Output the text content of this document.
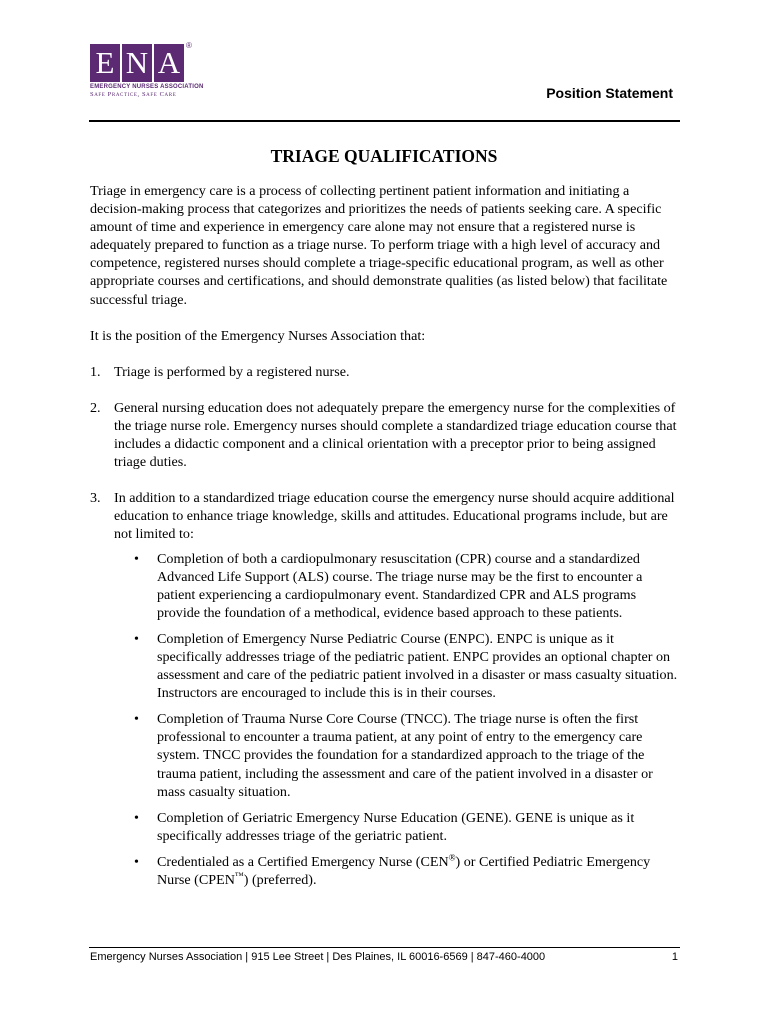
E N A ®
EMERGENCY NURSES ASSOCIATION
Safe Practice, Safe Care	Position Statement
TRIAGE QUALIFICATIONS

Triage in emergency care is a process of collecting pertinent patient information and initiating a decision-making process that categorizes and prioritizes the needs of patients seeking care. A specific amount of time and experience in emergency care alone may not ensure that a registered nurse is adequately prepared to function as a triage nurse. To perform triage with a high level of accuracy and competence, registered nurses should complete a triage-specific educational program, as well as other appropriate courses and certifications, and should demonstrate qualities (as listed below) that facilitate successful triage.

It is the position of the Emergency Nurses Association that:

1. Triage is performed by a registered nurse.
2. General nursing education does not adequately prepare the emergency nurse for the complexities of the triage nurse role. Emergency nurses should complete a standardized triage education course that includes a didactic component and a clinical orientation with a preceptor prior to being assigned triage duties.
3. In addition to a standardized triage education course the emergency nurse should acquire additional education to enhance triage knowledge, skills and attitudes. Educational programs include, but are not limited to:
• Completion of both a cardiopulmonary resuscitation (CPR) course and a standardized Advanced Life Support (ALS) course. The triage nurse may be the first to encounter a patient experiencing a cardiopulmonary event. Standardized CPR and ALS programs provide the foundation of a methodical, evidence based approach to these patients.
• Completion of Emergency Nurse Pediatric Course (ENPC). ENPC is unique as it specifically addresses triage of the pediatric patient. ENPC provides an optional chapter on assessment and care of the pediatric patient involved in a disaster or mass casualty situation. Instructors are encouraged to include this is in their courses.
• Completion of Trauma Nurse Core Course (TNCC). The triage nurse is often the first professional to encounter a trauma patient, at any point of entry to the emergency care system. TNCC provides the foundation for a standardized approach to the triage of the trauma patient, including the assessment and care of the patient involved in a disaster or mass casualty situation.
• Completion of Geriatric Emergency Nurse Education (GENE). GENE is unique as it specifically addresses triage of the geriatric patient.
• Credentialed as a Certified Emergency Nurse (CEN®) or Certified Pediatric Emergency Nurse (CPEN™) (preferred).
Emergency Nurses Association | 915 Lee Street | Des Plaines, IL 60016-6569 | 847-460-4000	1
